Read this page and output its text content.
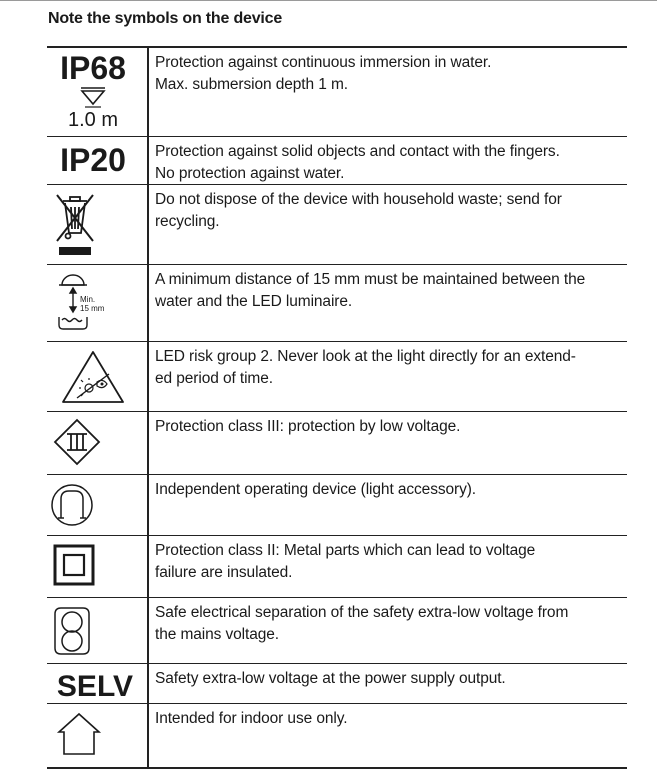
Note the symbols on the device
IP68
1.0 m
Protection against continuous immersion in water.
Max. submersion depth 1 m.
IP20 Protection against solid objects and contact with the fingers.
No protection against water.
Do not dispose of the device with household waste; send for
recycling.
Min.
15 mm
A minimum distance of 15 mm must be maintained between the
water and the LED luminaire.
LED risk group 2. Never look at the light directly for an extend-
ed period of time.
Protection class III: protection by low voltage.
Independent operating device (light accessory).
Protection class II: Metal parts which can lead to voltage
failure are insulated.
Safe electrical separation of the safety extra-low voltage from
the mains voltage.
SELV Safety extra-low voltage at the power supply output.
Intended for indoor use only.
